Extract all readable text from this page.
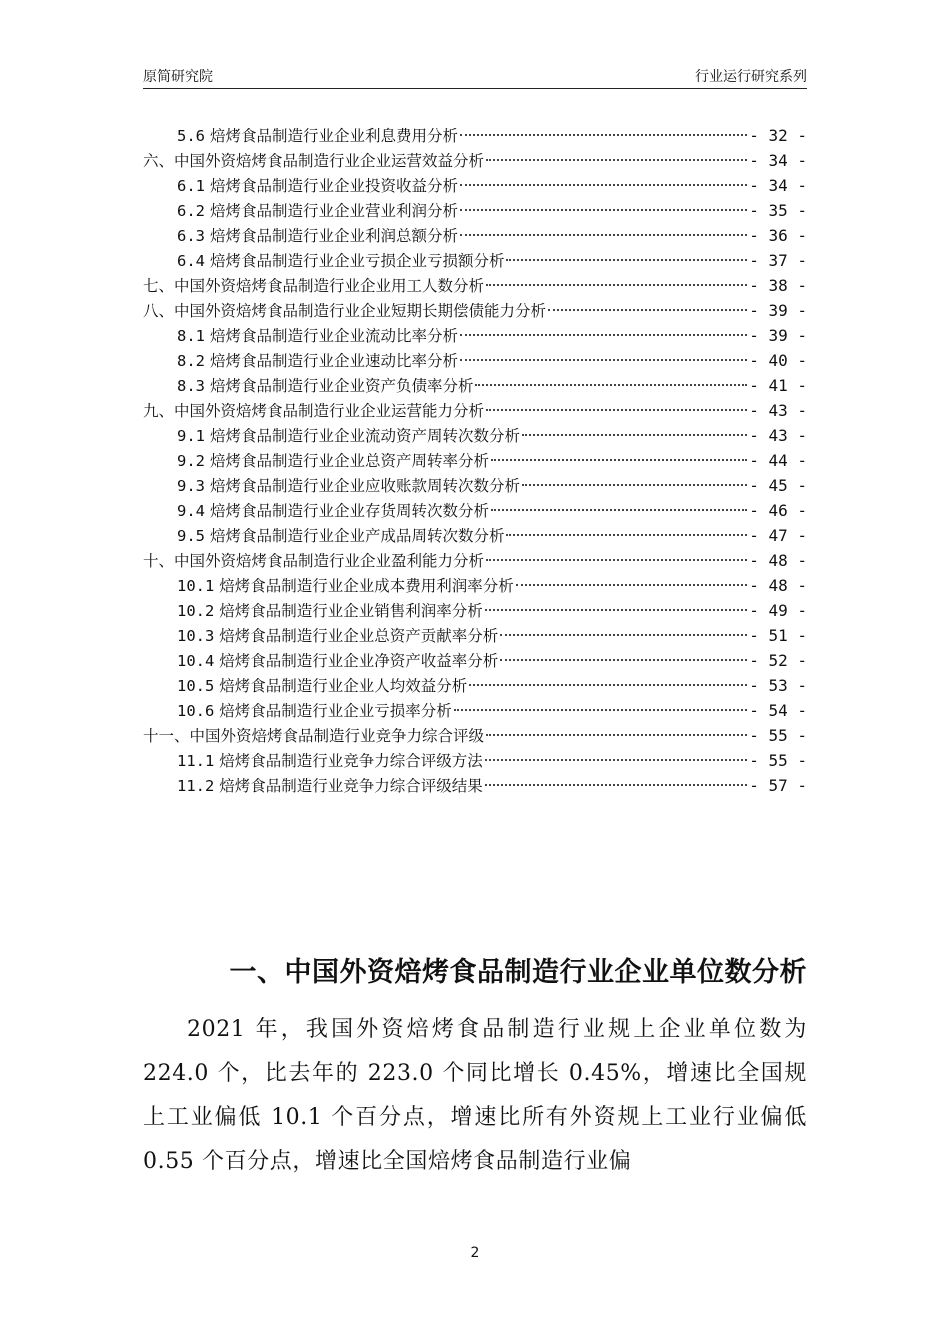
原简研究院	行业运行研究系列
5.6 焙烤食品制造行业企业利息费用分析	- 32 -
六、中国外资焙烤食品制造行业企业运营效益分析	- 34 -
6.1 焙烤食品制造行业企业投资收益分析	- 34 -
6.2 焙烤食品制造行业企业营业利润分析	- 35 -
6.3 焙烤食品制造行业企业利润总额分析	- 36 -
6.4 焙烤食品制造行业企业亏损企业亏损额分析	- 37 -
七、中国外资焙烤食品制造行业企业用工人数分析	- 38 -
八、中国外资焙烤食品制造行业企业短期长期偿债能力分析	- 39 -
8.1 焙烤食品制造行业企业流动比率分析	- 39 -
8.2 焙烤食品制造行业企业速动比率分析	- 40 -
8.3 焙烤食品制造行业企业资产负债率分析	- 41 -
九、中国外资焙烤食品制造行业企业运营能力分析	- 43 -
9.1 焙烤食品制造行业企业流动资产周转次数分析	- 43 -
9.2 焙烤食品制造行业企业总资产周转率分析	- 44 -
9.3 焙烤食品制造行业企业应收账款周转次数分析	- 45 -
9.4 焙烤食品制造行业企业存货周转次数分析	- 46 -
9.5 焙烤食品制造行业企业产成品周转次数分析	- 47 -
十、中国外资焙烤食品制造行业企业盈利能力分析	- 48 -
10.1 焙烤食品制造行业企业成本费用利润率分析	- 48 -
10.2 焙烤食品制造行业企业销售利润率分析	- 49 -
10.3 焙烤食品制造行业企业总资产贡献率分析	- 51 -
10.4 焙烤食品制造行业企业净资产收益率分析	- 52 -
10.5 焙烤食品制造行业企业人均效益分析	- 53 -
10.6 焙烤食品制造行业企业亏损率分析	- 54 -
十一、中国外资焙烤食品制造行业竞争力综合评级	- 55 -
11.1 焙烤食品制造行业竞争力综合评级方法	- 55 -
11.2 焙烤食品制造行业竞争力综合评级结果	- 57 -
一、中国外资焙烤食品制造行业企业单位数分析
2021 年，我国外资焙烤食品制造行业规上企业单位数为 224.0 个，比去年的 223.0 个同比增长 0.45%，增速比全国规上工业偏低 10.1 个百分点，增速比所有外资规上工业行业偏低 0.55 个百分点，增速比全国焙烤食品制造行业偏
2
